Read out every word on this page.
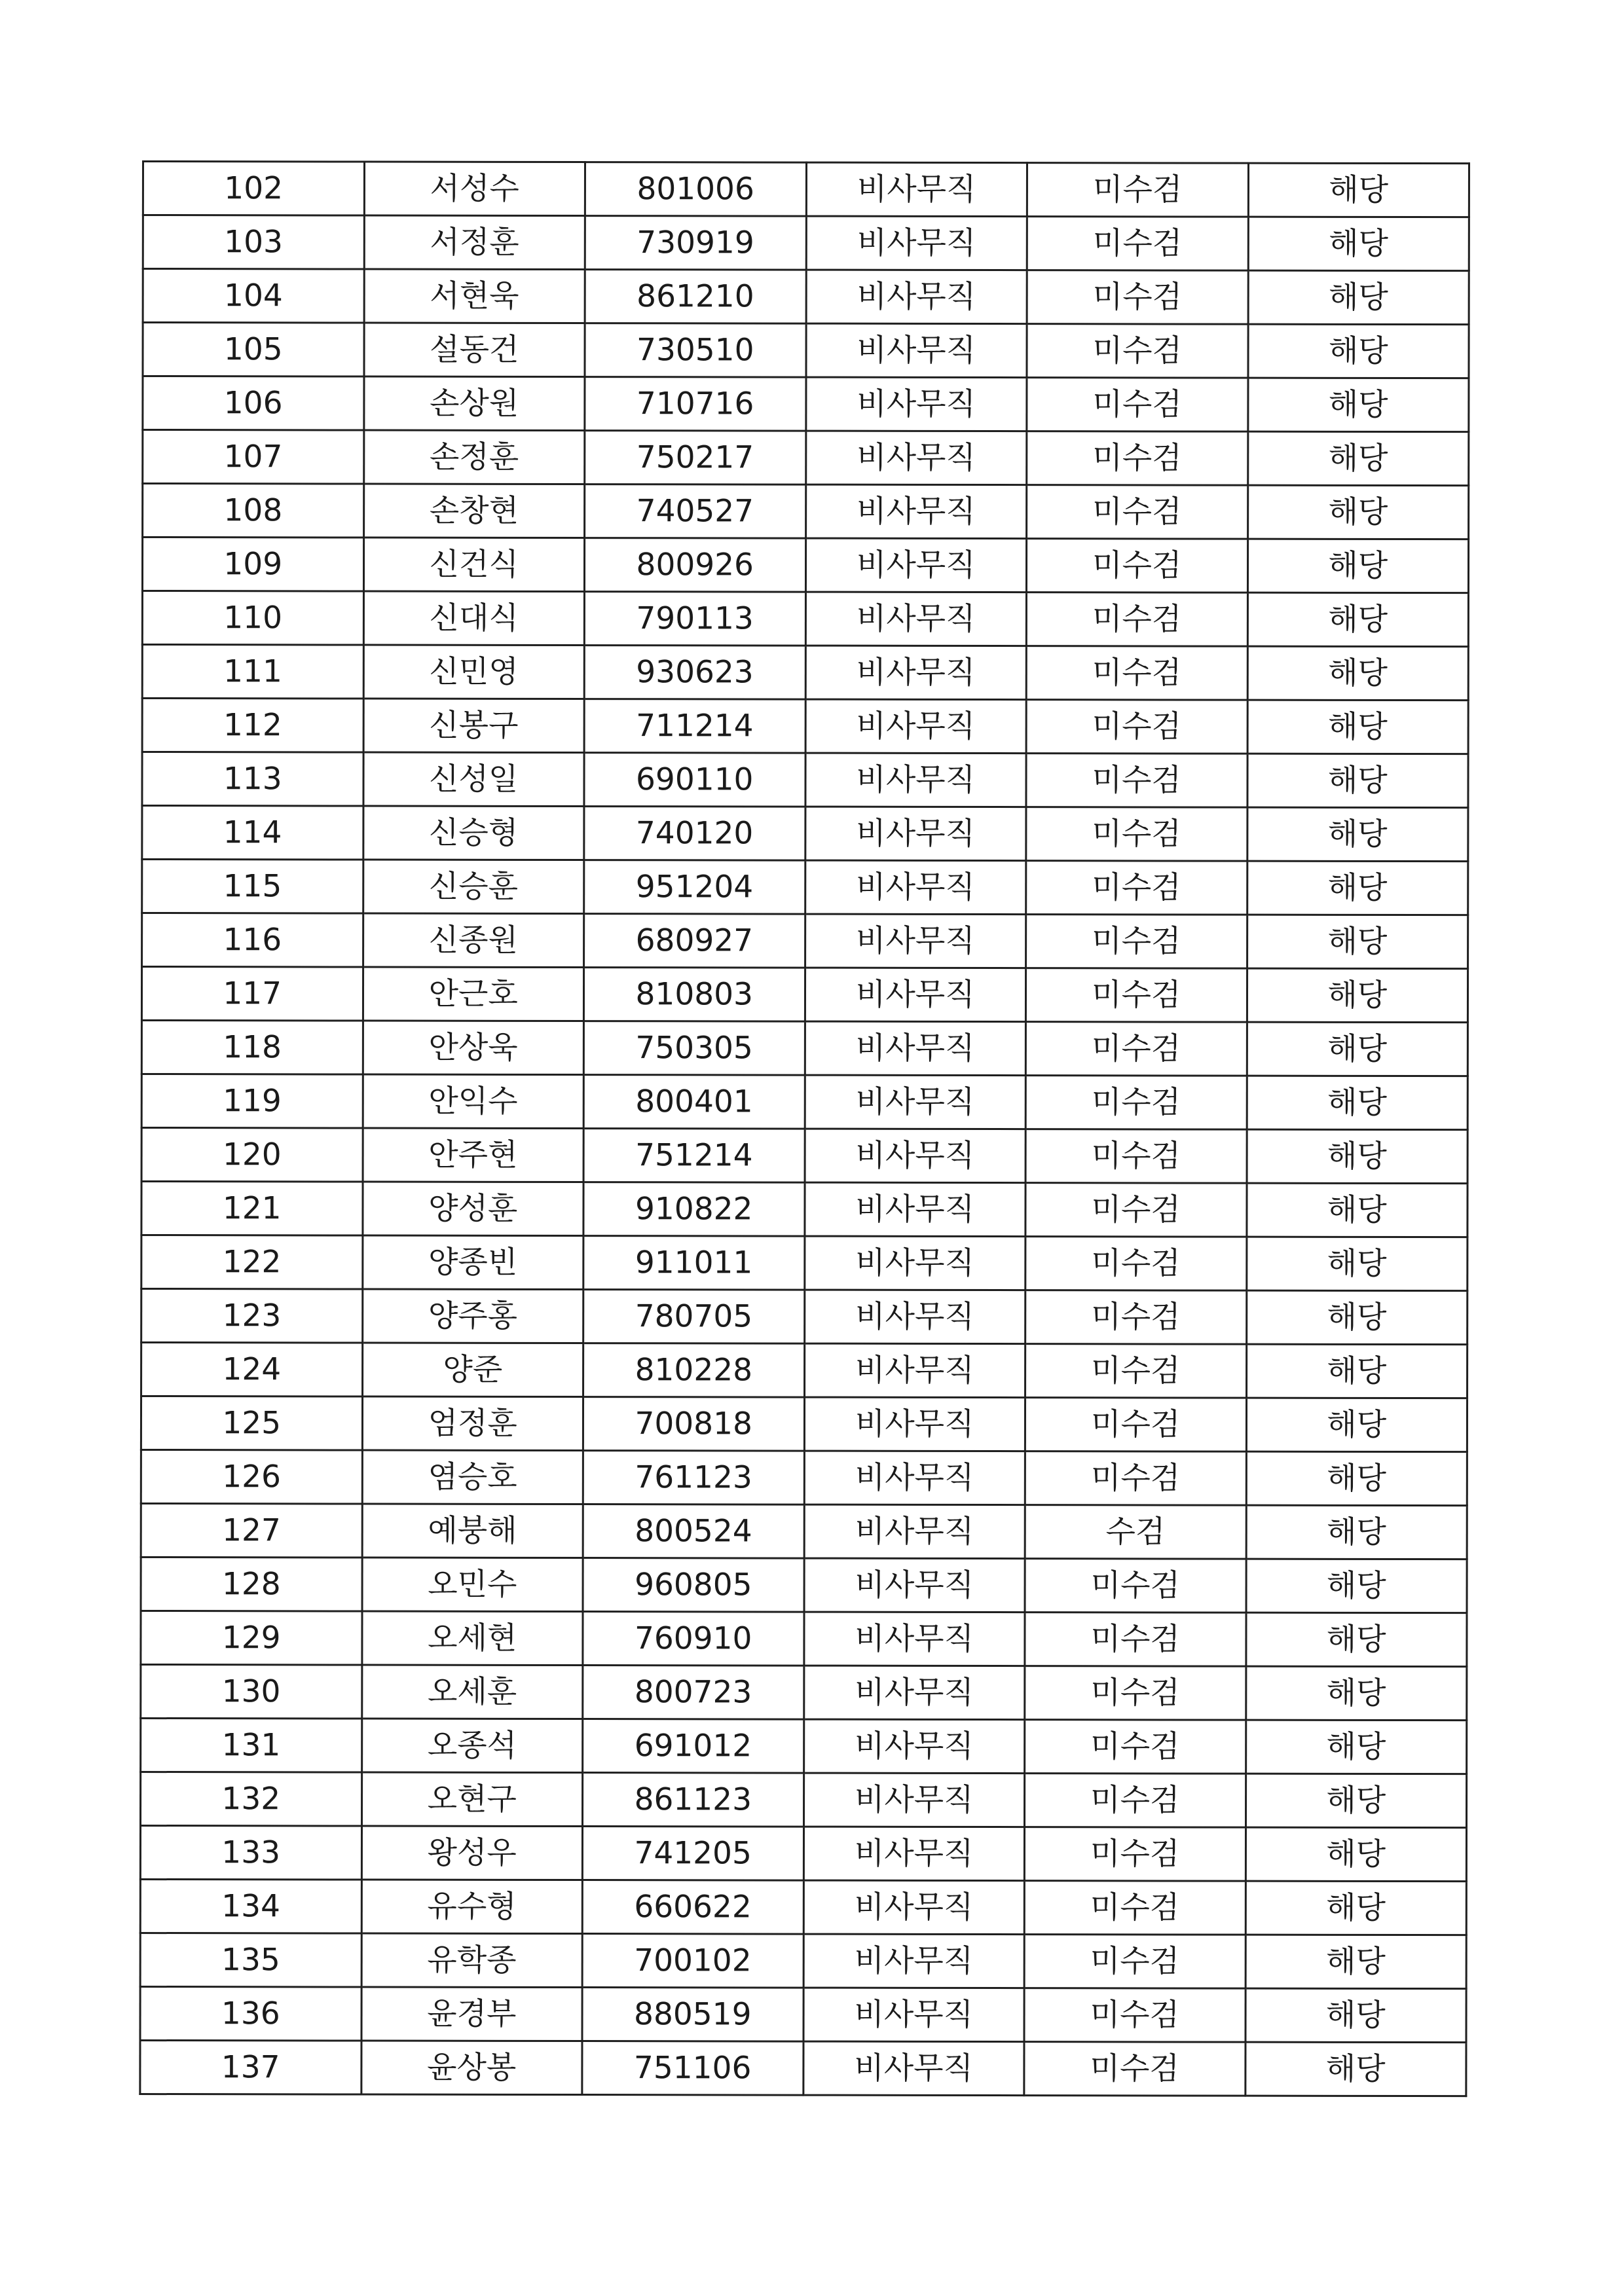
102	서성수	801006	비사무직	미수검	해당
103	서정훈	730919	비사무직	미수검	해당
104	서현욱	861210	비사무직	미수검	해당
105	설동건	730510	비사무직	미수검	해당
106	손상원	710716	비사무직	미수검	해당
107	손정훈	750217	비사무직	미수검	해당
108	손창현	740527	비사무직	미수검	해당
109	신건식	800926	비사무직	미수검	해당
110	신대식	790113	비사무직	미수검	해당
111	신민영	930623	비사무직	미수검	해당
112	신봉구	711214	비사무직	미수검	해당
113	신성일	690110	비사무직	미수검	해당
114	신승형	740120	비사무직	미수검	해당
115	신승훈	951204	비사무직	미수검	해당
116	신종원	680927	비사무직	미수검	해당
117	안근호	810803	비사무직	미수검	해당
118	안상욱	750305	비사무직	미수검	해당
119	안익수	800401	비사무직	미수검	해당
120	안주현	751214	비사무직	미수검	해당
121	양성훈	910822	비사무직	미수검	해당
122	양종빈	911011	비사무직	미수검	해당
123	양주홍	780705	비사무직	미수검	해당
124	양준	810228	비사무직	미수검	해당
125	엄정훈	700818	비사무직	미수검	해당
126	염승호	761123	비사무직	미수검	해당
127	예붕해	800524	비사무직	수검	해당
128	오민수	960805	비사무직	미수검	해당
129	오세현	760910	비사무직	미수검	해당
130	오세훈	800723	비사무직	미수검	해당
131	오종석	691012	비사무직	미수검	해당
132	오현구	861123	비사무직	미수검	해당
133	왕성우	741205	비사무직	미수검	해당
134	유수형	660622	비사무직	미수검	해당
135	유학종	700102	비사무직	미수검	해당
136	윤경부	880519	비사무직	미수검	해당
137	윤상봉	751106	비사무직	미수검	해당
